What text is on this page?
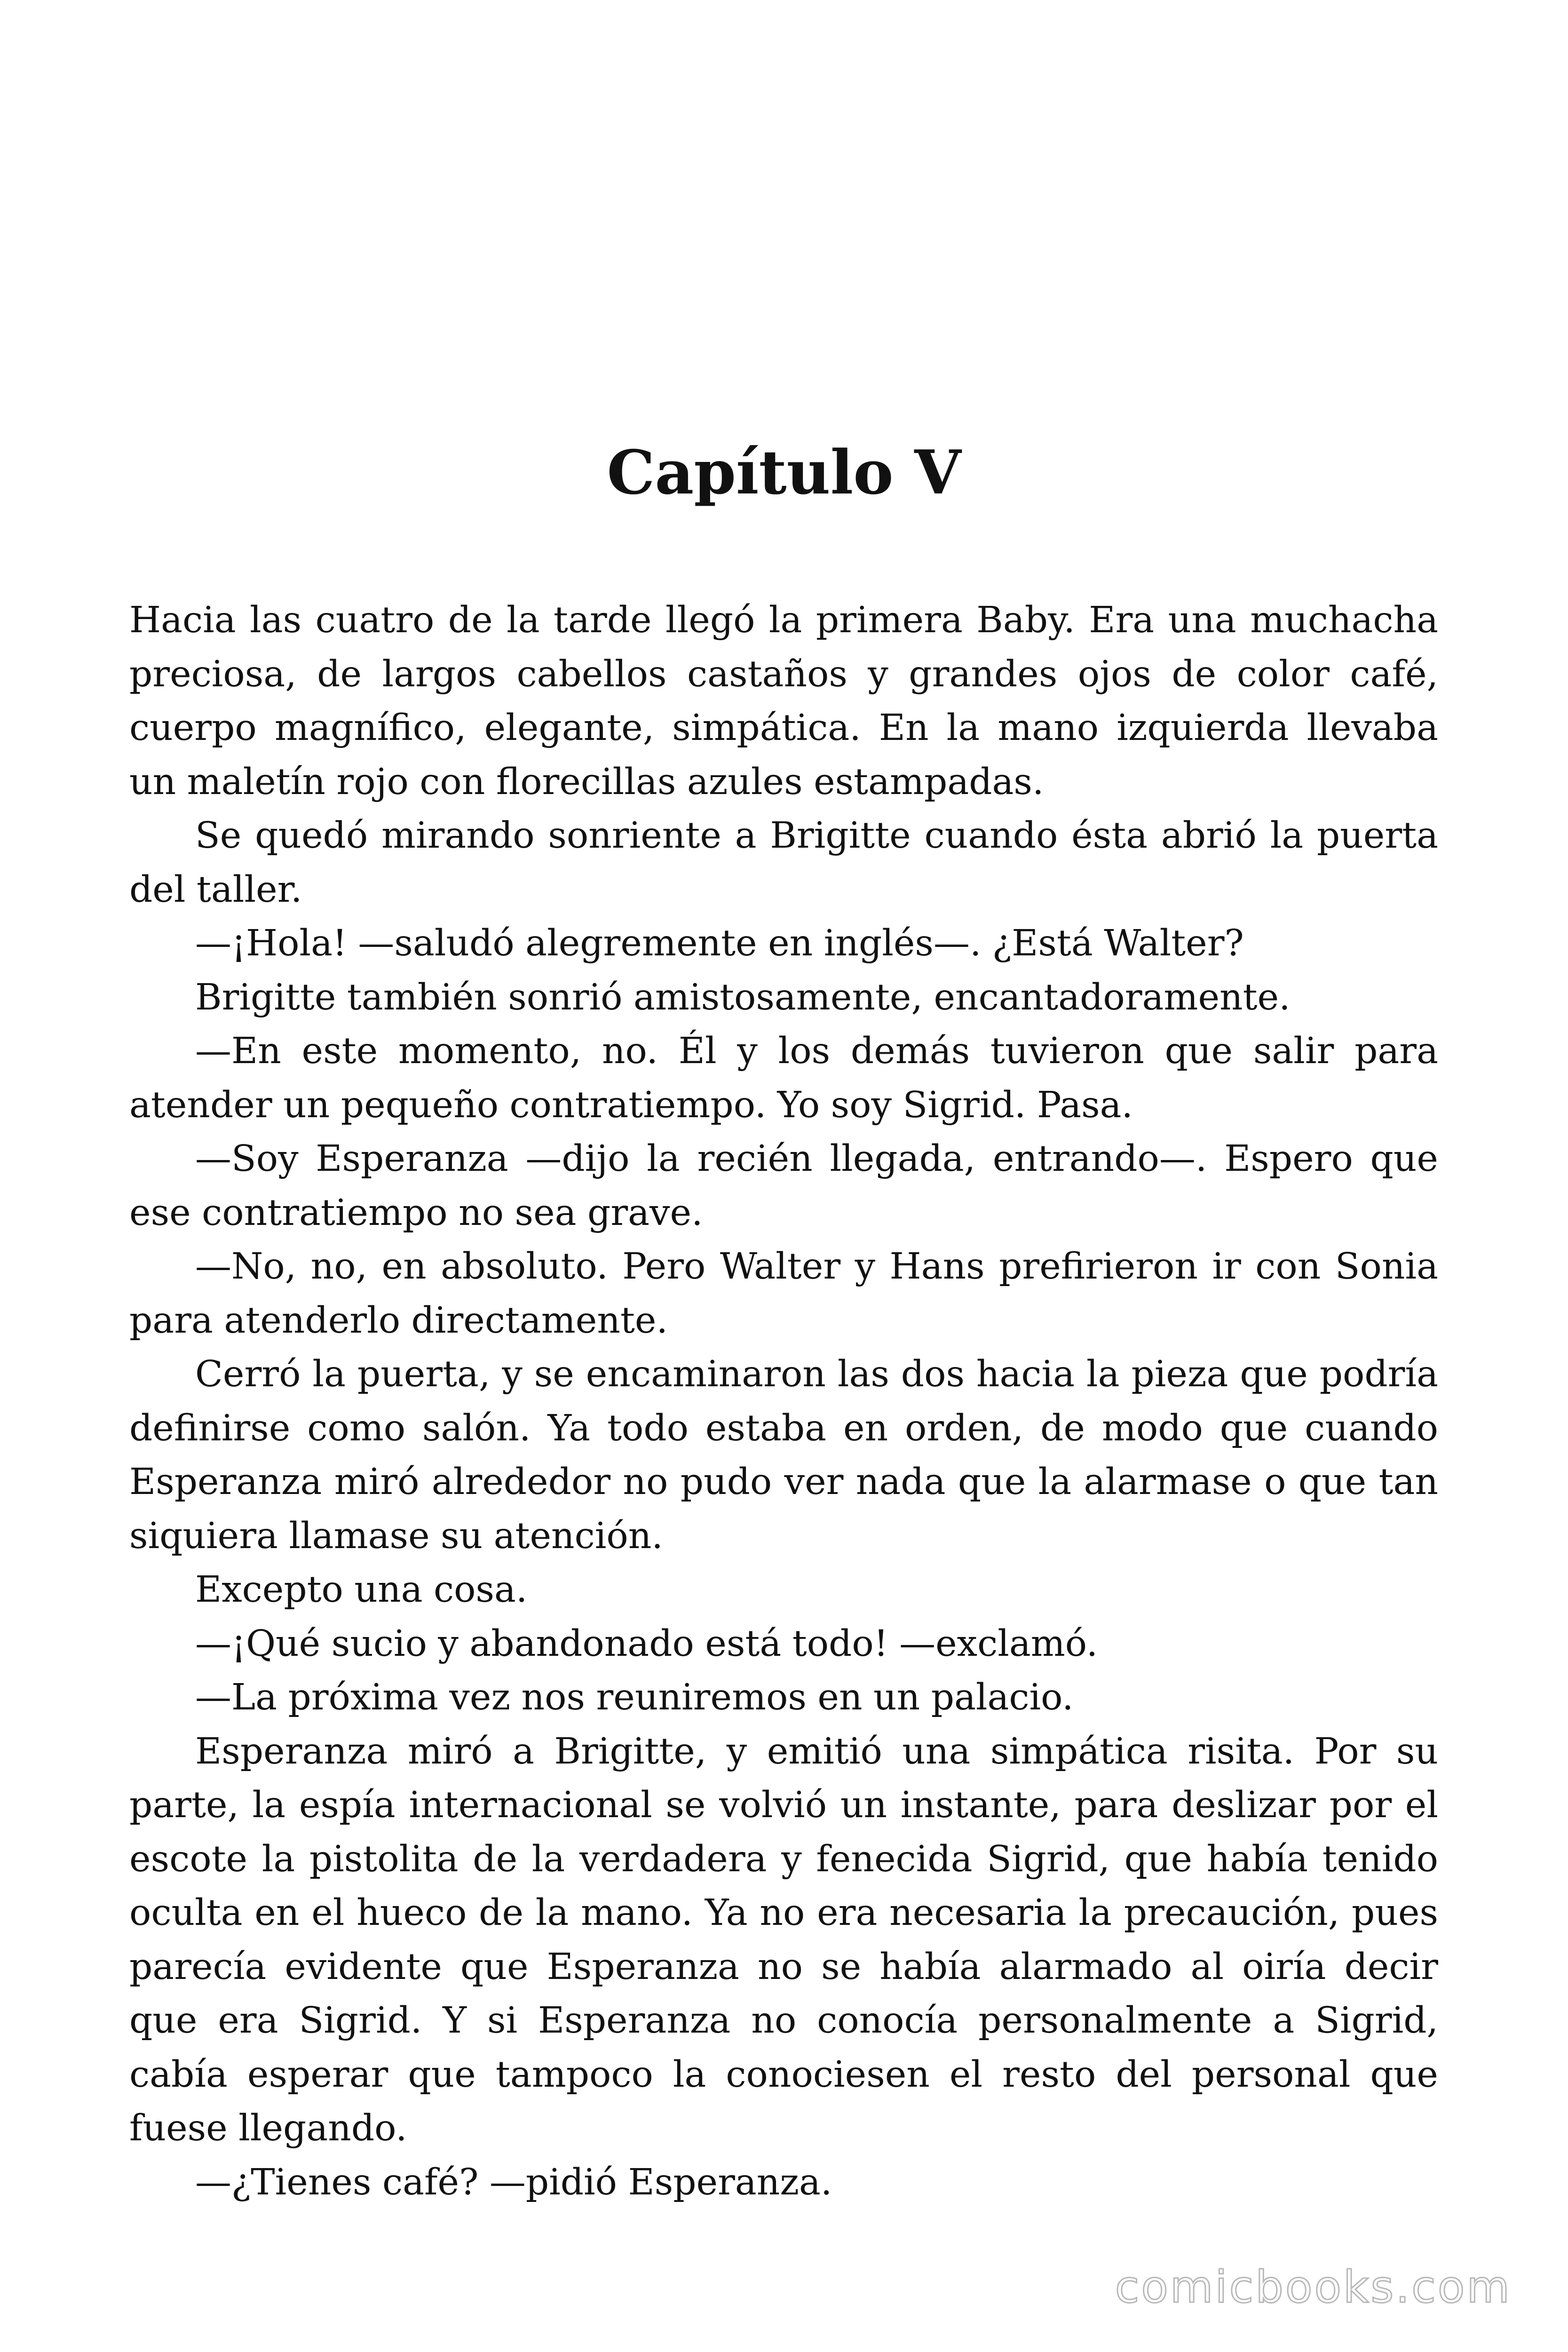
Capítulo V

Hacia las cuatro de la tarde llegó la primera Baby. Era una muchacha preciosa, de largos cabellos castaños y grandes ojos de color café, cuerpo magnífico, elegante, simpática. En la mano izquierda llevaba un maletín rojo con florecillas azules estampadas.

Se quedó mirando sonriente a Brigitte cuando ésta abrió la puerta del taller.

—¡Hola! —saludó alegremente en inglés—. ¿Está Walter?

Brigitte también sonrió amistosamente, encantadoramente.

—En este momento, no. Él y los demás tuvieron que salir para atender un pequeño contratiempo. Yo soy Sigrid. Pasa.

—Soy Esperanza —dijo la recién llegada, entrando—. Espero que ese contratiempo no sea grave.

—No, no, en absoluto. Pero Walter y Hans prefirieron ir con Sonia para atenderlo directamente.

Cerró la puerta, y se encaminaron las dos hacia la pieza que podría definirse como salón. Ya todo estaba en orden, de modo que cuando Esperanza miró alrededor no pudo ver nada que la alarmase o que tan siquiera llamase su atención.

Excepto una cosa.

—¡Qué sucio y abandonado está todo! —exclamó.

—La próxima vez nos reuniremos en un palacio.

Esperanza miró a Brigitte, y emitió una simpática risita. Por su parte, la espía internacional se volvió un instante, para deslizar por el escote la pistolita de la verdadera y fenecida Sigrid, que había tenido oculta en el hueco de la mano. Ya no era necesaria la precaución, pues parecía evidente que Esperanza no se había alarmado al oiría decir que era Sigrid. Y si Esperanza no conocía personalmente a Sigrid, cabía esperar que tampoco la conociesen el resto del personal que fuese llegando.

—¿Tienes café? —pidió Esperanza.

comicbooks.com
